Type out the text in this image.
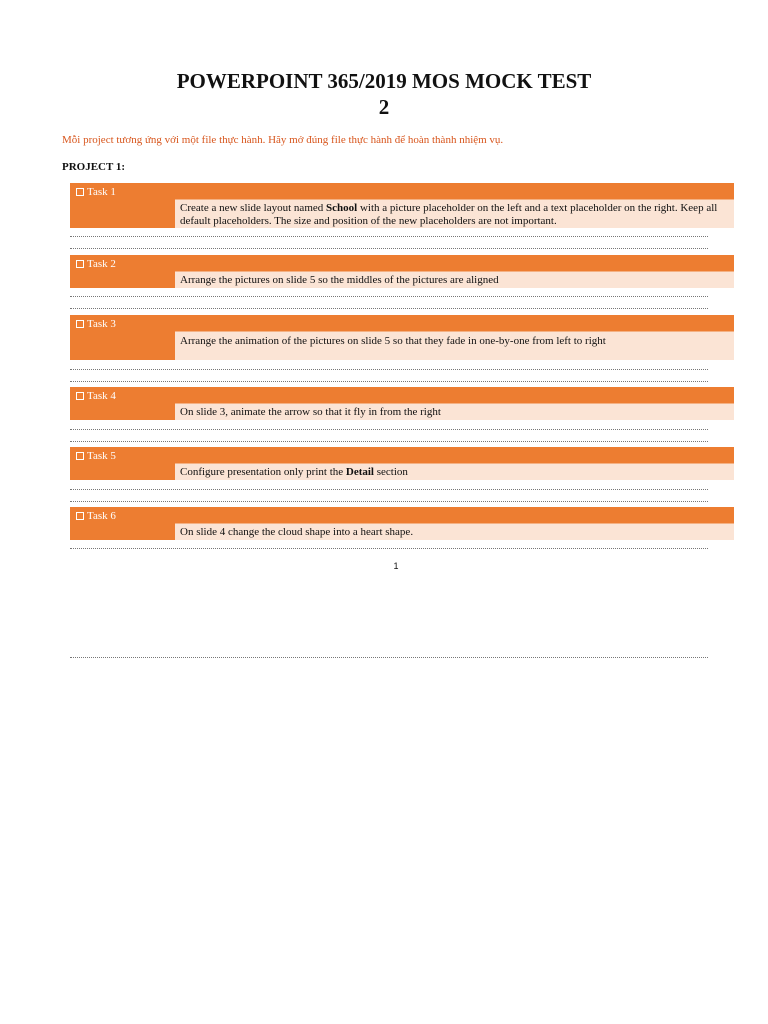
POWERPOINT 365/2019 MOS MOCK TEST
2
Mỗi project tương ứng với một file thực hành. Hãy mở đúng file thực hành để hoàn thành nhiệm vụ.
PROJECT 1:
Task 1
Create a new slide layout named School with a picture placeholder on the left and a text placeholder on the right. Keep all default placeholders. The size and position of the new placeholders are not important.
Task 2
Arrange the pictures on slide 5 so the middles of the pictures are aligned
Task 3
Arrange the animation of the pictures on slide 5 so that they fade in one-by-one from left to right
Task 4
On slide 3, animate the arrow so that it fly in from the right
Task 5
Configure presentation only print the Detail section
Task 6
On slide 4 change the cloud shape into a heart shape.
1
